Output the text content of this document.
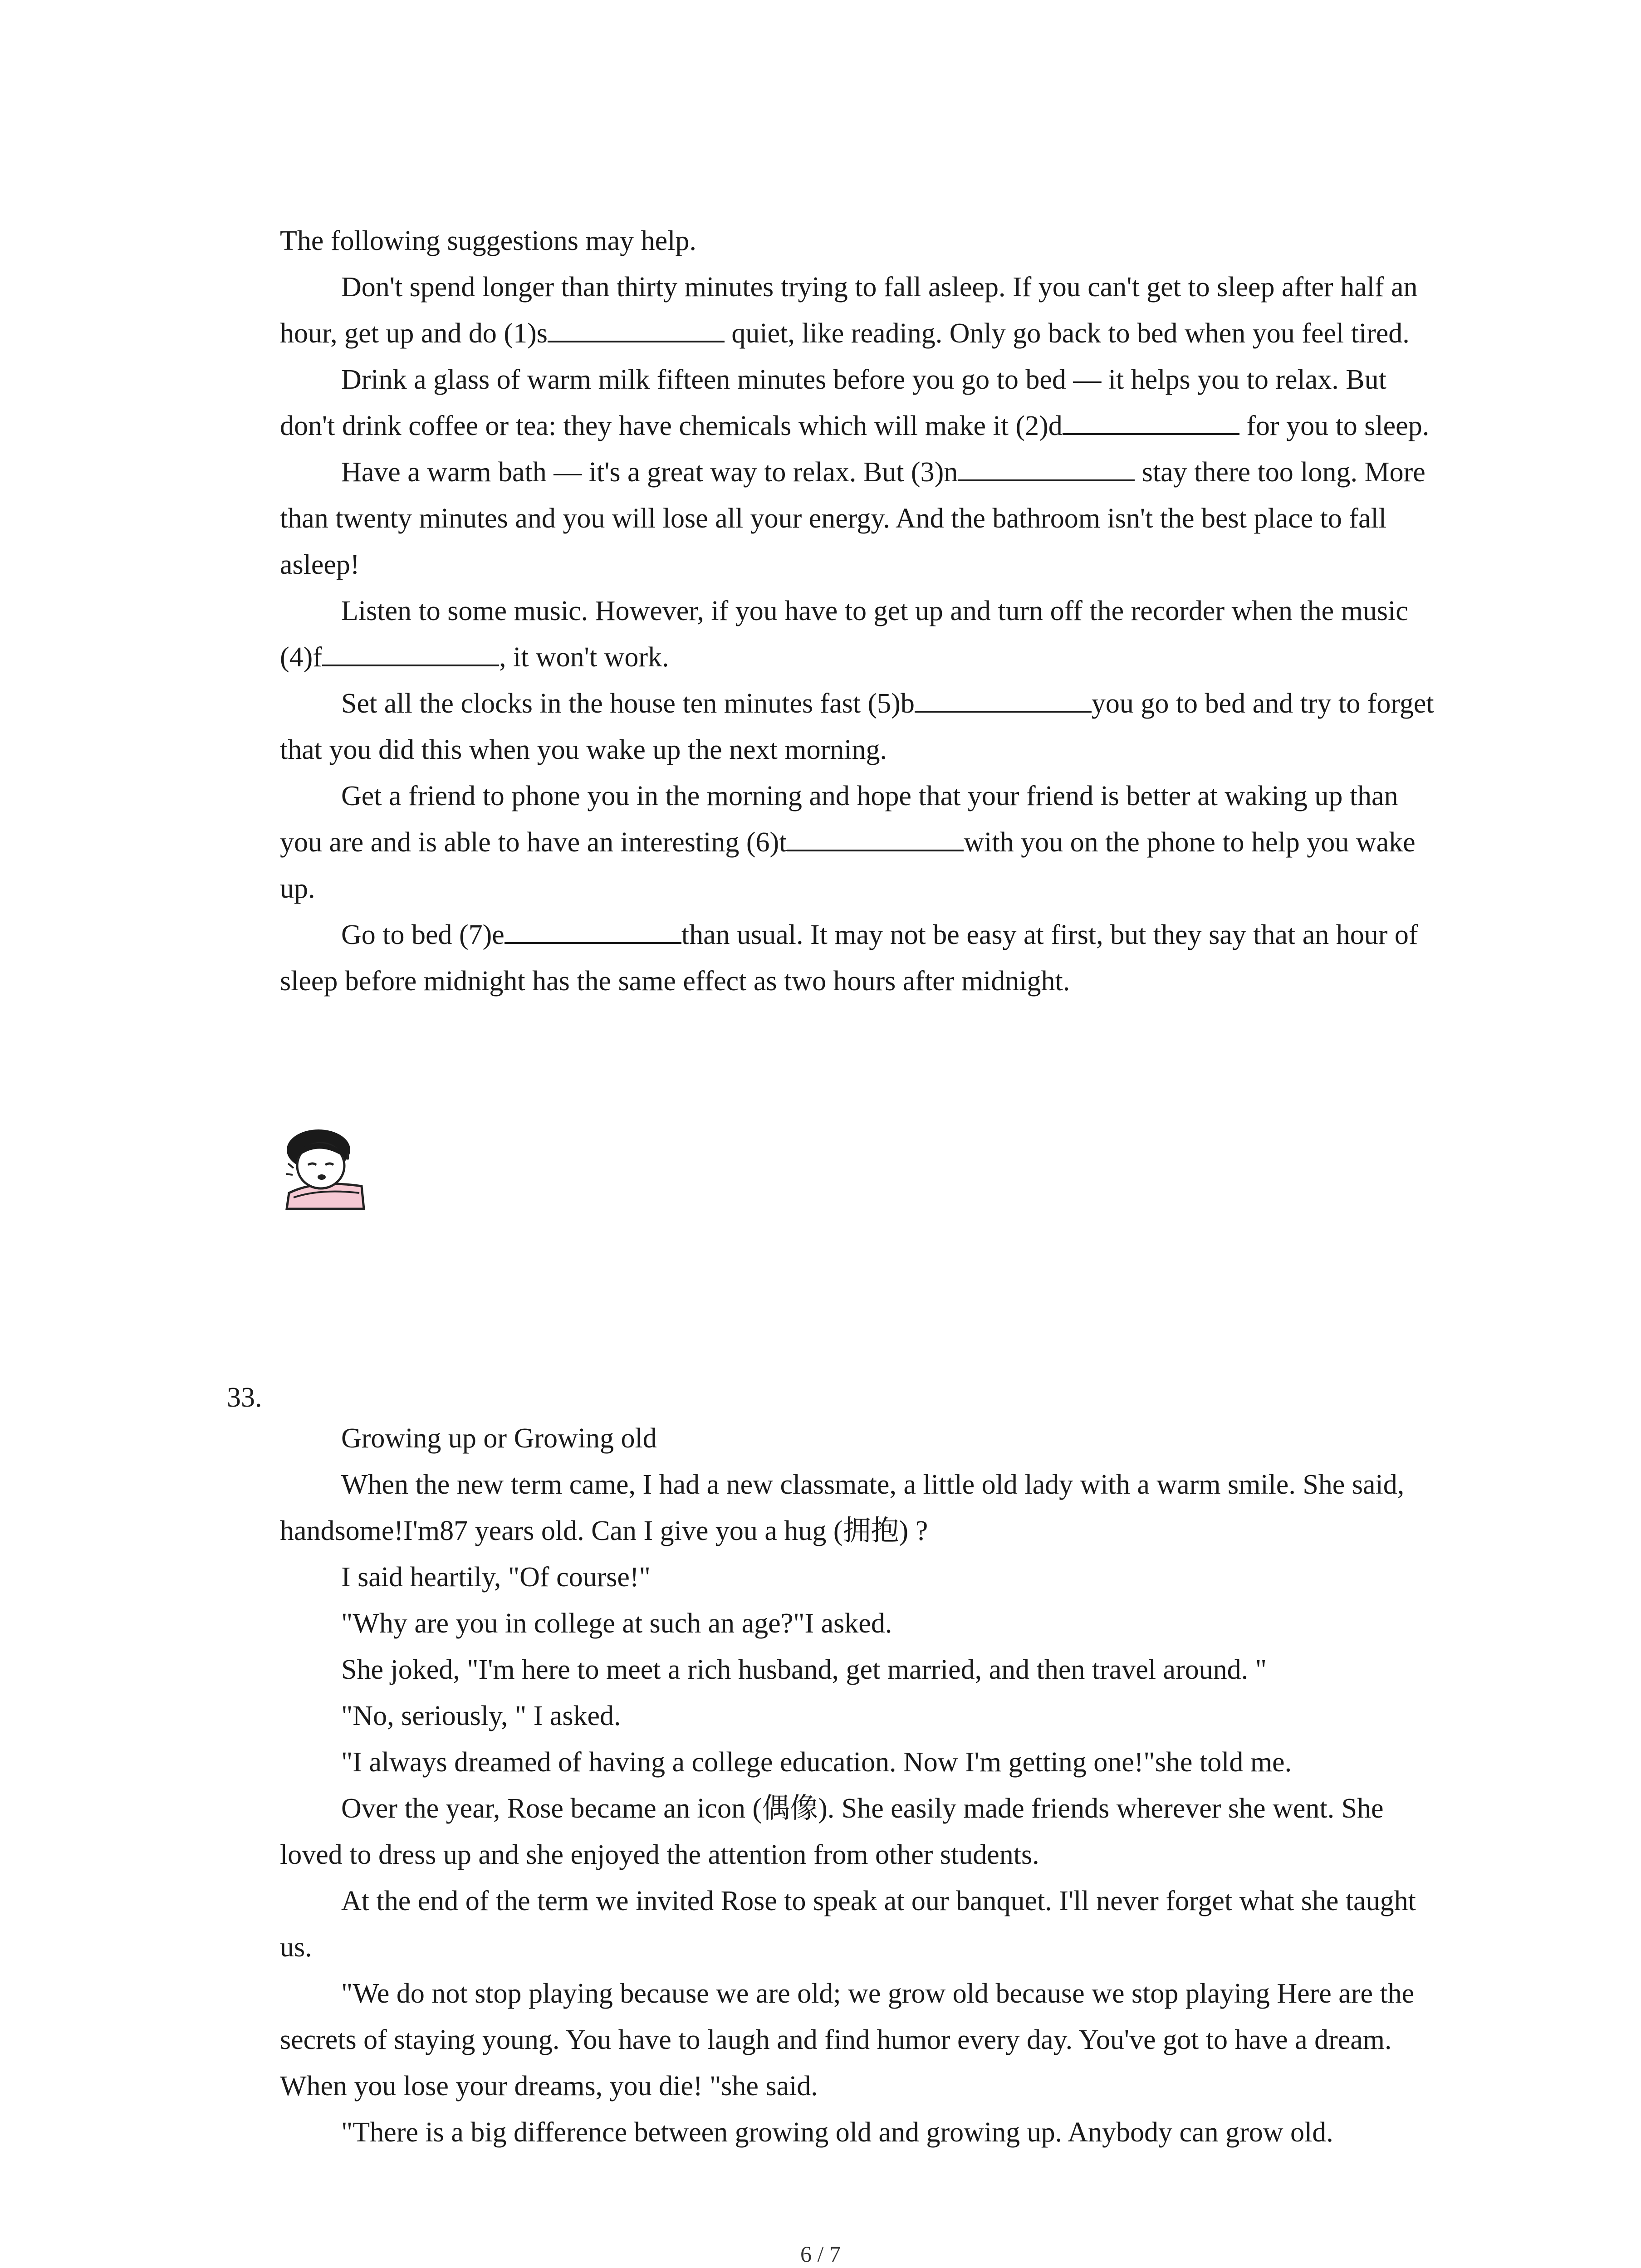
The following suggestions may help.

Don't spend longer than thirty minutes trying to fall asleep. If you can't get to sleep after half an hour, get up and do (1)s	quiet, like reading. Only go back to bed when you feel tired.

Drink a glass of warm milk fifteen minutes before you go to bed — it helps you to relax. But don't drink coffee or tea: they have chemicals which will make it (2)d	for you to sleep.

Have a warm bath — it's a great way to relax. But (3)n	stay there too long. More than twenty minutes and you will lose all your energy. And the bathroom isn't the best place to fall asleep!

Listen to some music. However, if you have to get up and turn off the recorder when the music (4)f	, it won't work.

Set all the clocks in the house ten minutes fast (5)b	you go to bed and try to forget that you did this when you wake up the next morning.

Get a friend to phone you in the morning and hope that your friend is better at waking up than you are and is able to have an interesting (6)t	with you on the phone to help you wake up.

Go to bed (7)e	than usual. It may not be easy at first, but they say that an hour of sleep before midnight has the same effect as two hours after midnight.

33.

Growing up or Growing old

When the new term came, I had a new classmate, a little old lady with a warm smile. She said, handsome!I'm87 years old. Can I give you a hug (拥抱) ?

I said heartily, "Of course!"

"Why are you in college at such an age?"I asked.

She joked, "I'm here to meet a rich husband, get married, and then travel around. "

"No, seriously, " I asked.

"I always dreamed of having a college education. Now I'm getting one!"she told me.

Over the year, Rose became an icon (偶像). She easily made friends wherever she went. She loved to dress up and she enjoyed the attention from other students.

At the end of the term we invited Rose to speak at our banquet. I'll never forget what she taught us.

"We do not stop playing because we are old; we grow old because we stop playing Here are the secrets of staying young. You have to laugh and find humor every day. You've got to have a dream. When you lose your dreams, you die! "she said.

"There is a big difference between growing old and growing up. Anybody can grow old.

6 / 7
